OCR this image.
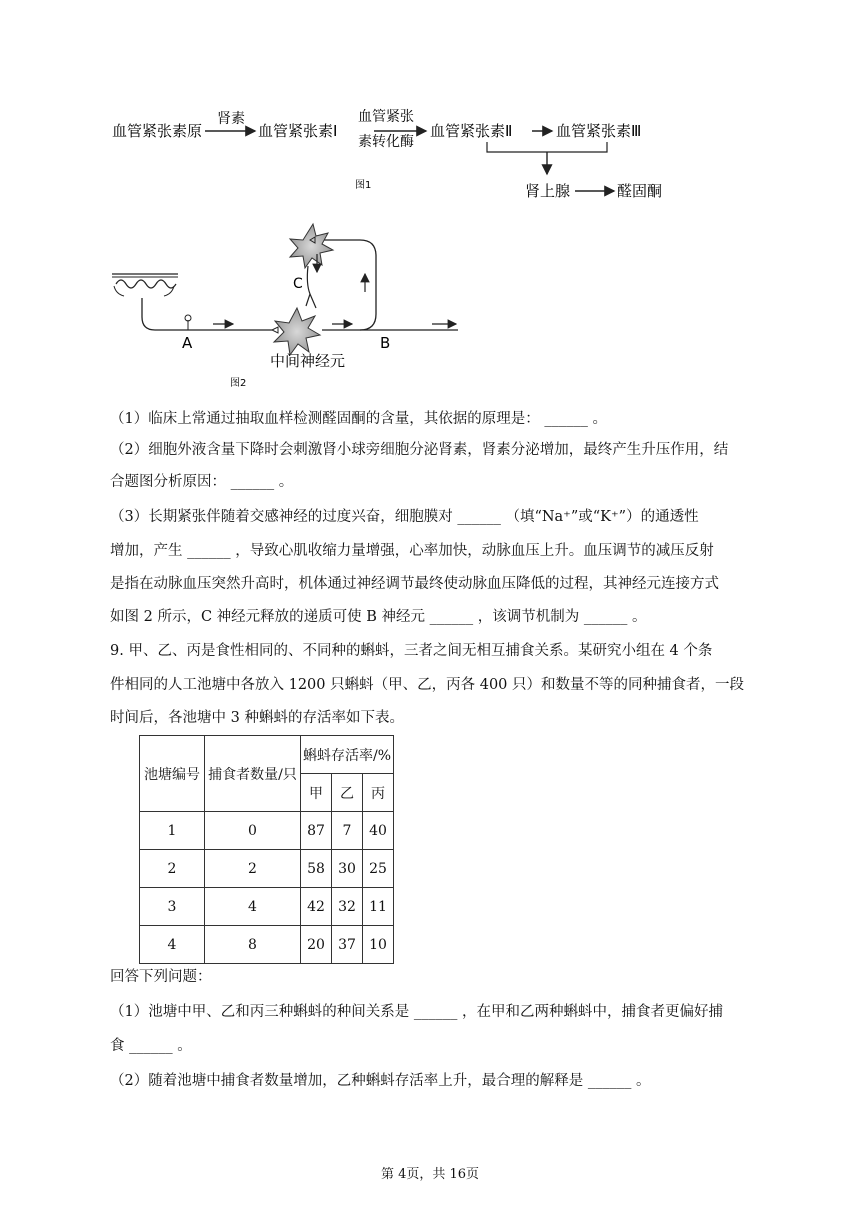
血管紧张素原
肾素
血管紧张素Ⅰ
血管紧张
素转化酶
血管紧张素Ⅱ	血管紧张素Ⅲ
肾上腺	醛固酮
图1
A	B
C
中间神经元
图2
（1）临床上常通过抽取血样检测醛固酮的含量，其依据的原理是： ______ 。
（2）细胞外液含量下降时会刺激肾小球旁细胞分泌肾素，肾素分泌增加，最终产生升压作用，结
合题图分析原因： ______ 。
（3）长期紧张伴随着交感神经的过度兴奋，细胞膜对 ______ （填“Na⁺”或“K⁺”）的通透性
增加，产生 ______ ，导致心肌收缩力量增强，心率加快，动脉血压上升。血压调节的减压反射
是指在动脉血压突然升高时，机体通过神经调节最终使动脉血压降低的过程，其神经元连接方式
如图 2 所示，C 神经元释放的递质可使 B 神经元 ______ ，该调节机制为 ______ 。
9. 甲、乙、丙是食性相同的、不同种的蝌蚪，三者之间无相互捕食关系。某研究小组在 4 个条
件相同的人工池塘中各放入 1200 只蝌蚪（甲、乙，丙各 400 只）和数量不等的同种捕食者，一段
时间后，各池塘中 3 种蝌蚪的存活率如下表。
池塘编号	捕食者数量/只	蝌蚪存活率/%		
		甲	乙	丙
1	0	87	7	40
2	2	58	30	25
3	4	42	32	11
4	8	20	37	10
回答下列问题：
（1）池塘中甲、乙和丙三种蝌蚪的种间关系是 ______ ，在甲和乙两种蝌蚪中，捕食者更偏好捕
食 ______ 。
（2）随着池塘中捕食者数量增加，乙种蝌蚪存活率上升，最合理的解释是 ______ 。
第 4页，共 16页
